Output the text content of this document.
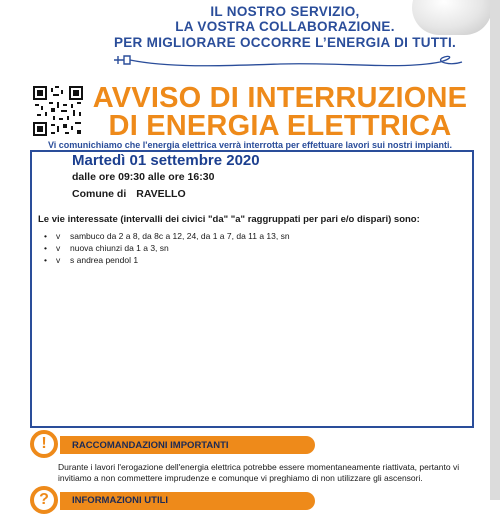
IL NOSTRO SERVIZIO,
LA VOSTRA COLLABORAZIONE.
PER MIGLIORARE OCCORRE L’ENERGIA DI TUTTI.
AVVISO DI INTERRUZIONE
DI ENERGIA ELETTRICA
Vi comunichiamo che l'energia elettrica verrà interrotta per effettuare lavori sui nostri impianti.
Martedì 01 settembre 2020
dalle ore 09:30 alle ore 16:30
Comune di RAVELLO
Le vie interessate (intervalli dei civici "da" "a" raggruppati per pari e/o dispari) sono:
• v sambuco da 2 a 8, da 8c a 12, 24, da 1 a 7, da 11 a 13, sn
• v nuova chiunzi da 1 a 3, sn
• v s andrea pendol 1
!	RACCOMANDAZIONI IMPORTANTI
Durante i lavori l'erogazione dell'energia elettrica potrebbe essere momentaneamente riattivata, pertanto vi invitiamo a non commettere imprudenze e comunque vi preghiamo di non utilizzare gli ascensori.
?	INFORMAZIONI UTILI
